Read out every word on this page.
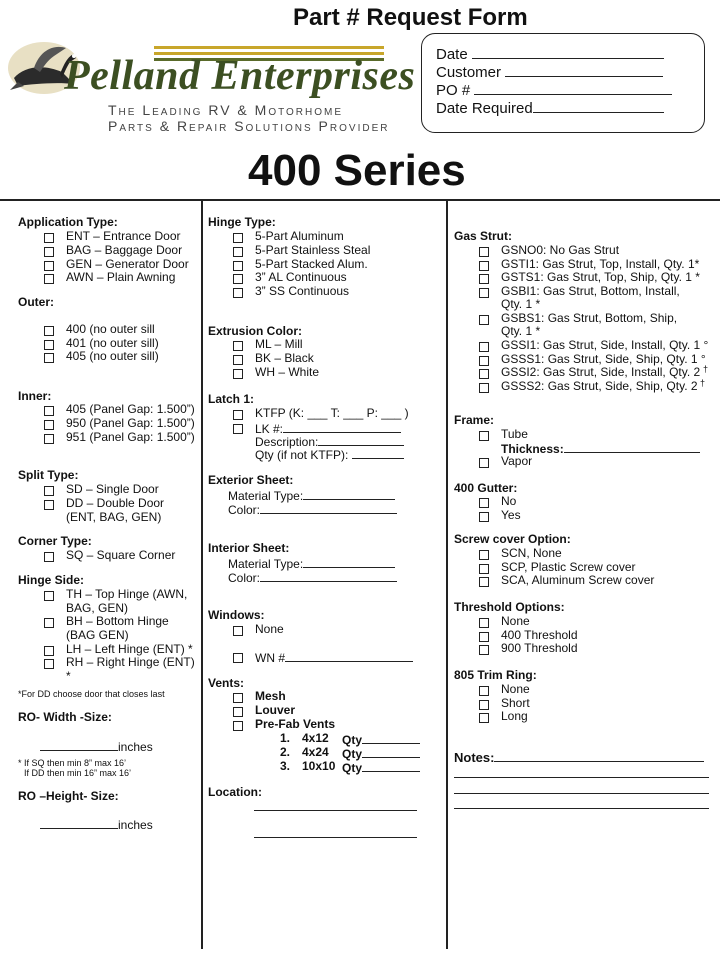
Part # Request Form
Pelland Enterprises
The Leading RV & Motorhome
Parts & Repair Solutions Provider
Date
Customer
PO #
Date Required
400 Series
Application Type:
ENT – Entrance Door
BAG – Baggage Door
GEN – Generator Door
AWN – Plain Awning
Outer:
400 (no outer sill
401 (no outer sill)
405 (no outer sill)
Inner:
405 (Panel Gap: 1.500”)
950 (Panel Gap: 1.500”)
951 (Panel Gap: 1.500”)
Split Type:
SD – Single Door
DD – Double Door
(ENT, BAG, GEN)
Corner Type:
SQ – Square Corner
Hinge Side:
TH – Top Hinge (AWN,
BAG, GEN)
BH – Bottom Hinge
(BAG GEN)
LH – Left Hinge (ENT) *
RH – Right Hinge (ENT)
*
*For DD choose door that closes last
RO- Width -Size:
inches
* If SQ then min 8” max 16’
If DD then min 16” max 16’
RO –Height- Size:
inches
Hinge Type:
5-Part Aluminum
5-Part Stainless Steal
5-Part Stacked Alum.
3” AL Continuous
3” SS Continuous
Extrusion Color:
ML – Mill
BK – Black
WH – White
Latch 1:
KTFP (K: ___ T: ___ P: ___ )
LK #:
Description:
Qty (if not KTFP):
Exterior Sheet:
Material Type:
Color:
Interior Sheet:
Material Type:
Color:
Windows:
None
WN #
Vents:
Mesh
Louver
Pre-Fab Vents
1. 4x12 Qty
2. 4x24 Qty
3. 10x10 Qty
Location:
Gas Strut:
GSNO0: No Gas Strut
GSTI1: Gas Strut, Top, Install, Qty. 1*
GSTS1: Gas Strut, Top, Ship, Qty. 1 *
GSBI1: Gas Strut, Bottom, Install,
Qty. 1 *
GSBS1: Gas Strut, Bottom, Ship,
Qty. 1 *
GSSI1: Gas Strut, Side, Install, Qty. 1 °
GSSS1: Gas Strut, Side, Ship, Qty. 1 °
GSSI2: Gas Strut, Side, Install, Qty. 2 †
GSSS2: Gas Strut, Side, Ship, Qty. 2 †
Frame:
Tube
Thickness:
Vapor
400 Gutter:
No
Yes
Screw cover Option:
SCN, None
SCP, Plastic Screw cover
SCA, Aluminum Screw cover
Threshold Options:
None
400 Threshold
900 Threshold
805 Trim Ring:
None
Short
Long
Notes:
